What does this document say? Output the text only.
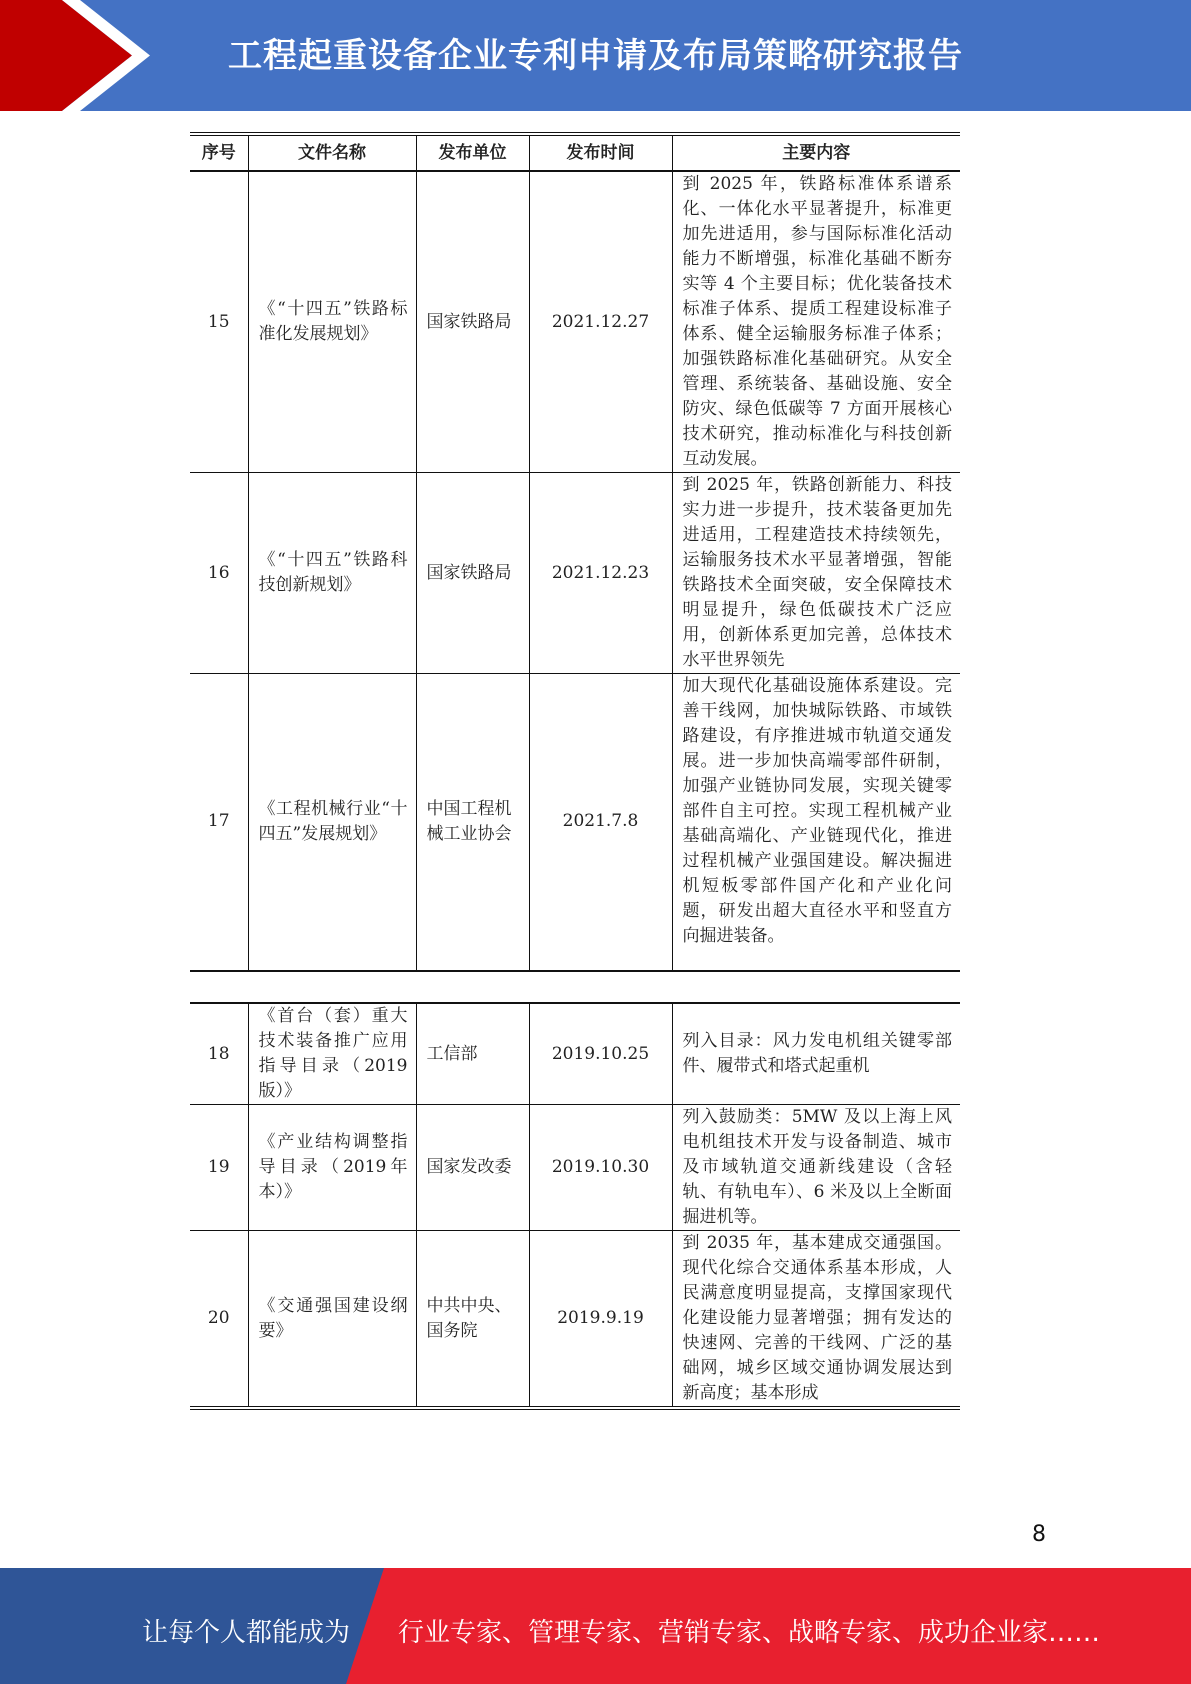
工程起重设备企业专利申请及布局策略研究报告
序号	文件名称	发布单位	发布时间	主要内容
15	《“十四五”铁路标准化发展规划》	国家铁路局	2021.12.27	到 2025 年，铁路标准体系谱系化、一体化水平显著提升，标准更加先进适用，参与国际标准化活动能力不断增强，标准化基础不断夯实等 4 个主要目标；优化装备技术标准子体系、提质工程建设标准子体系、健全运输服务标准子体系；加强铁路标准化基础研究。从安全管理、系统装备、基础设施、安全防灾、绿色低碳等 7 方面开展核心技术研究，推动标准化与科技创新互动发展。
16	《“十四五”铁路科技创新规划》	国家铁路局	2021.12.23	到 2025 年，铁路创新能力、科技实力进一步提升，技术装备更加先进适用，工程建造技术持续领先，运输服务技术水平显著增强，智能铁路技术全面突破，安全保障技术明显提升，绿色低碳技术广泛应用，创新体系更加完善，总体技术水平世界领先
17	《工程机械行业“十四五”发展规划》	中国工程机械工业协会	2021.7.8	加大现代化基础设施体系建设。完善干线网，加快城际铁路、市域铁路建设，有序推进城市轨道交通发展。进一步加快高端零部件研制，加强产业链协同发展，实现关键零部件自主可控。实现工程机械产业基础高端化、产业链现代化，推进过程机械产业强国建设。解决掘进机短板零部件国产化和产业化问题，研发出超大直径水平和竖直方向掘进装备。
18	《首台（套）重大技术装备推广应用指导目录（2019版）》	工信部	2019.10.25	列入目录：风力发电机组关键零部件、履带式和塔式起重机
19	《产业结构调整指导目录（2019年本）》	国家发改委	2019.10.30	列入鼓励类：5MW 及以上海上风电机组技术开发与设备制造、城市及市域轨道交通新线建设（含轻轨、有轨电车）、6 米及以上全断面掘进机等。
20	《交通强国建设纲要》	中共中央、国务院	2019.9.19	到 2035 年，基本建成交通强国。现代化综合交通体系基本形成，人民满意度明显提高，支撑国家现代化建设能力显著增强；拥有发达的快速网、完善的干线网、广泛的基础网，城乡区域交通协调发展达到新高度；基本形成
8
让每个人都能成为 行业专家、管理专家、营销专家、战略专家、成功企业家……
